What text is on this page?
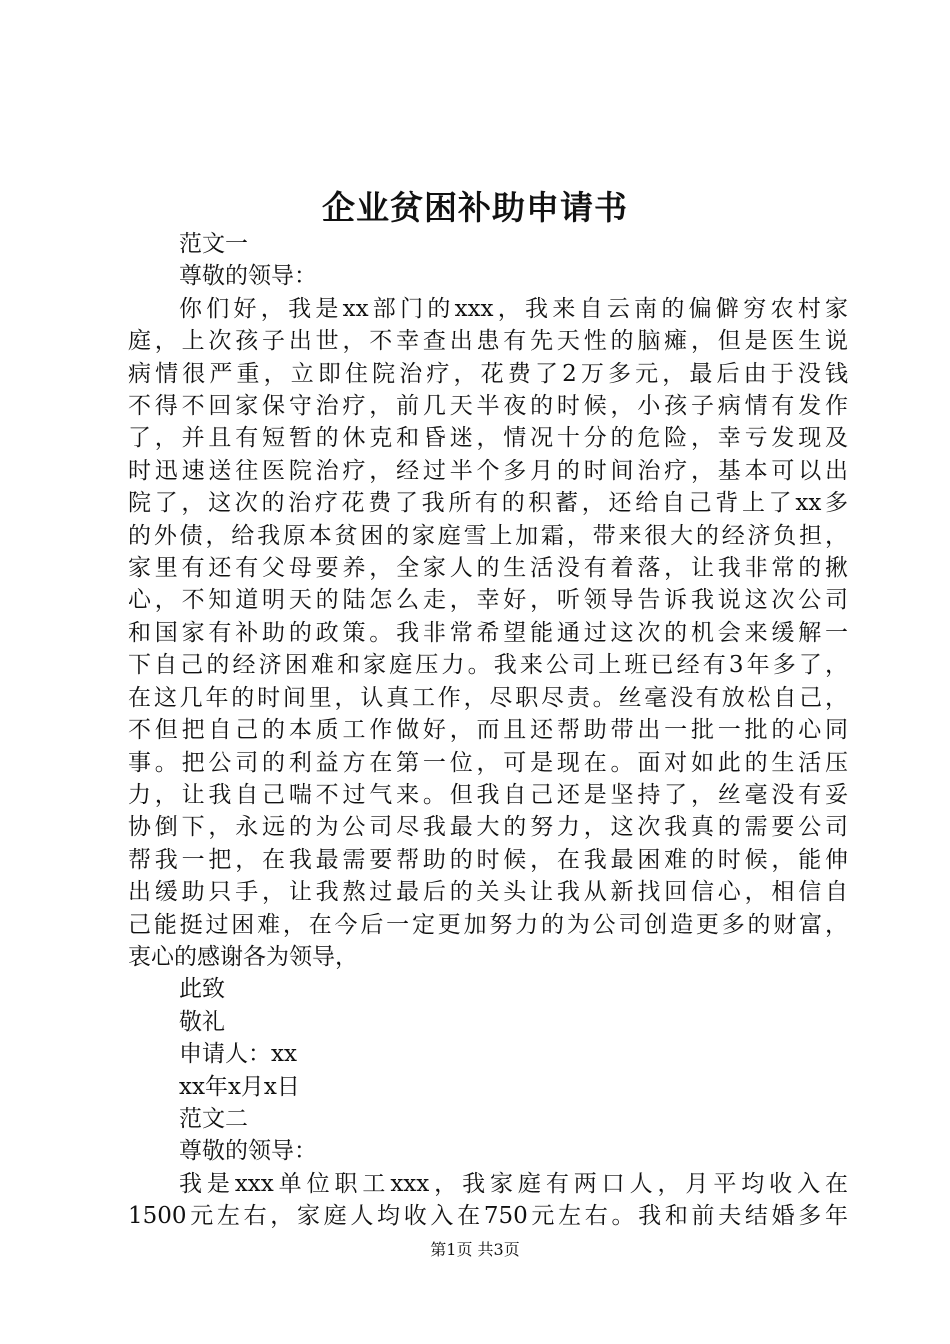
企业贫困补助申请书
范文一
尊敬的领导：
你们好，我是xx部门的xxx，我来自云南的偏僻穷农村家
庭，上次孩子出世，不幸查出患有先天性的脑瘫，但是医生说
病情很严重，立即住院治疗，花费了2万多元，最后由于没钱
不得不回家保守治疗，前几天半夜的时候，小孩子病情有发作
了，并且有短暂的休克和昏迷，情况十分的危险，幸亏发现及
时迅速送往医院治疗，经过半个多月的时间治疗，基本可以出
院了，这次的治疗花费了我所有的积蓄，还给自己背上了xx多
的外债，给我原本贫困的家庭雪上加霜，带来很大的经济负担，
家里有还有父母要养，全家人的生活没有着落，让我非常的揪
心，不知道明天的陆怎么走，幸好，听领导告诉我说这次公司
和国家有补助的政策。我非常希望能通过这次的机会来缓解一
下自己的经济困难和家庭压力。我来公司上班已经有3年多了，
在这几年的时间里，认真工作，尽职尽责。丝毫没有放松自己，
不但把自己的本质工作做好，而且还帮助带出一批一批的心同
事。把公司的利益方在第一位，可是现在。面对如此的生活压
力，让我自己喘不过气来。但我自己还是坚持了，丝毫没有妥
协倒下，永远的为公司尽我最大的努力，这次我真的需要公司
帮我一把，在我最需要帮助的时候，在我最困难的时候，能伸
出缓助只手，让我熬过最后的关头让我从新找回信心，相信自
己能挺过困难，在今后一定更加努力的为公司创造更多的财富，
衷心的感谢各为领导，
此致
敬礼
申请人：xx
xx年x月x日
范文二
尊敬的领导：
我是xxx单位职工xxx，我家庭有两口人，月平均收入在
1500元左右，家庭人均收入在750元左右。我和前夫结婚多年
第1页 共3页
